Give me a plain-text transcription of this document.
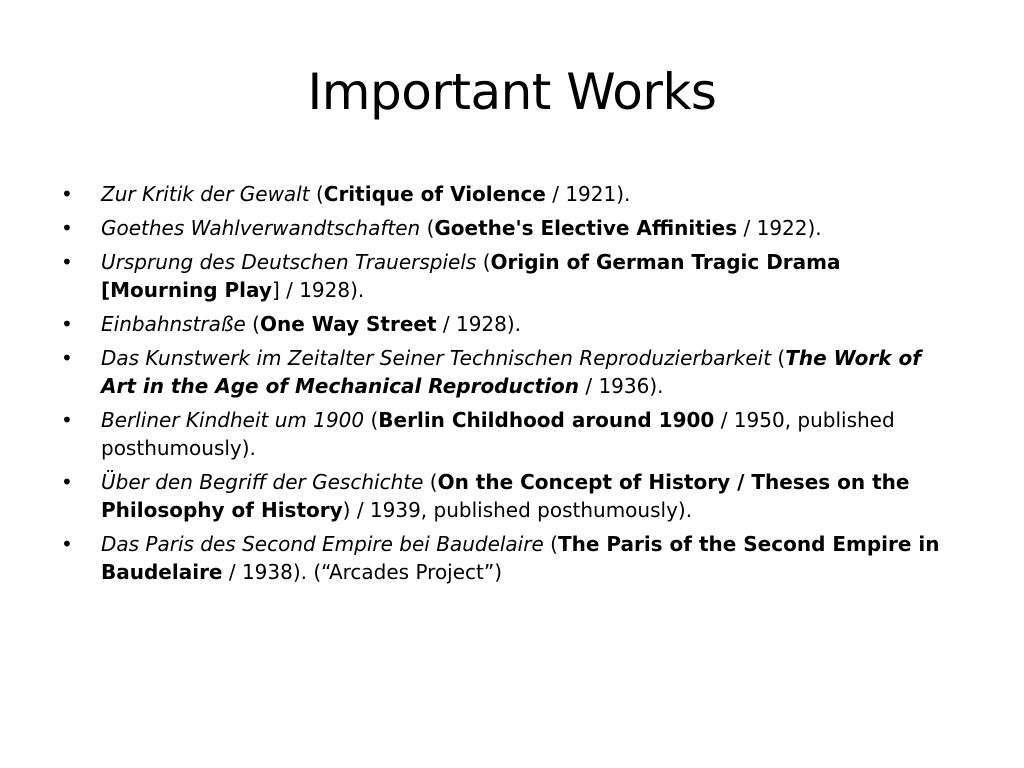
Important Works
• Zur Kritik der Gewalt (Critique of Violence / 1921).
• Goethes Wahlverwandtschaften (Goethe's Elective Affinities / 1922).
• Ursprung des Deutschen Trauerspiels (Origin of German Tragic Drama [Mourning Play] / 1928).
• Einbahnstraße (One Way Street / 1928).
• Das Kunstwerk im Zeitalter Seiner Technischen Reproduzierbarkeit (The Work of Art in the Age of Mechanical Reproduction / 1936).
• Berliner Kindheit um 1900 (Berlin Childhood around 1900 / 1950, published posthumously).
• Über den Begriff der Geschichte (On the Concept of History / Theses on the Philosophy of History) / 1939, published posthumously).
• Das Paris des Second Empire bei Baudelaire (The Paris of the Second Empire in Baudelaire / 1938). (“Arcades Project”)
